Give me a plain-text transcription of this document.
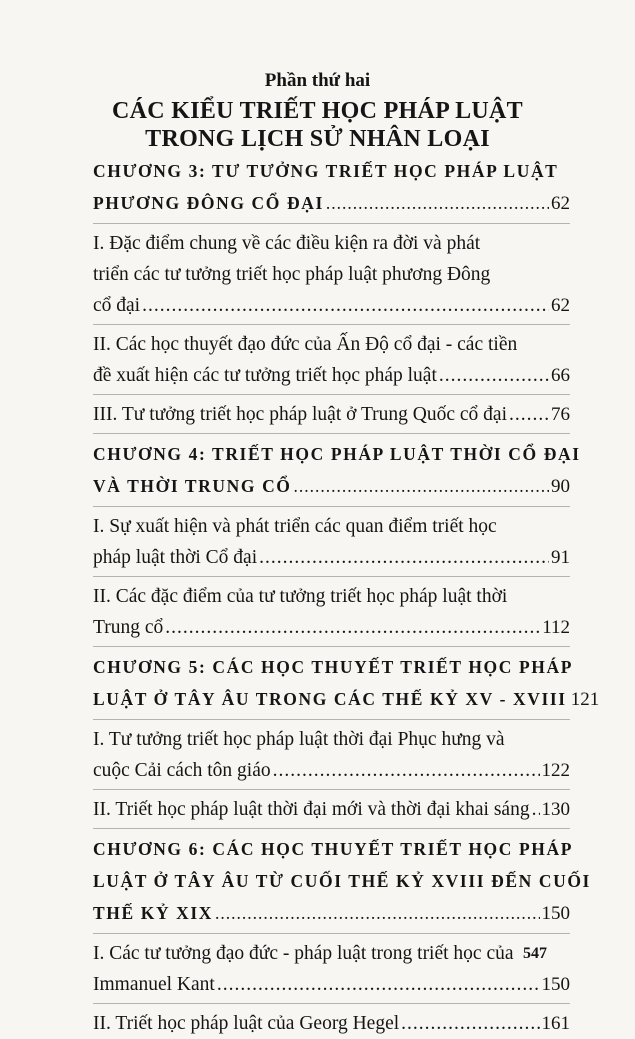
Phần thứ hai
CÁC KIỂU TRIẾT HỌC PHÁP LUẬT
TRONG LỊCH SỬ NHÂN LOẠI
CHƯƠNG 3: TƯ TƯỞNG TRIẾT HỌC PHÁP LUẬT
PHƯƠNG ĐÔNG CỔ ĐẠI .....	62
I. Đặc điểm chung về các điều kiện ra đời và phát
triển các tư tưởng triết học pháp luật phương Đông
cổ đại .....	62
II. Các học thuyết đạo đức của Ấn Độ cổ đại - các tiền
đề xuất hiện các tư tưởng triết học pháp luật .....	66
III. Tư tưởng triết học pháp luật ở Trung Quốc cổ đại ..... 76
CHƯƠNG 4: TRIẾT HỌC PHÁP LUẬT THỜI CỔ ĐẠI
VÀ THỜI TRUNG CỔ .....	90
I. Sự xuất hiện và phát triển các quan điểm triết học
pháp luật thời Cổ đại .....	91
II. Các đặc điểm của tư tưởng triết học pháp luật thời
Trung cổ .....	112
CHƯƠNG 5: CÁC HỌC THUYẾT TRIẾT HỌC PHÁP
LUẬT Ở TÂY ÂU TRONG CÁC THẾ KỶ XV - XVIII 121
I. Tư tưởng triết học pháp luật thời đại Phục hưng và
cuộc Cải cách tôn giáo .....	122
II. Triết học pháp luật thời đại mới và thời đại khai sáng ..... 130
CHƯƠNG 6: CÁC HỌC THUYẾT TRIẾT HỌC PHÁP
LUẬT Ở TÂY ÂU TỪ CUỐI THẾ KỶ XVIII ĐẾN CUỐI
THẾ KỶ XIX .....	150
I. Các tư tưởng đạo đức - pháp luật trong triết học của
Immanuel Kant .....	150
II. Triết học pháp luật của Georg Hegel .....	161
547
